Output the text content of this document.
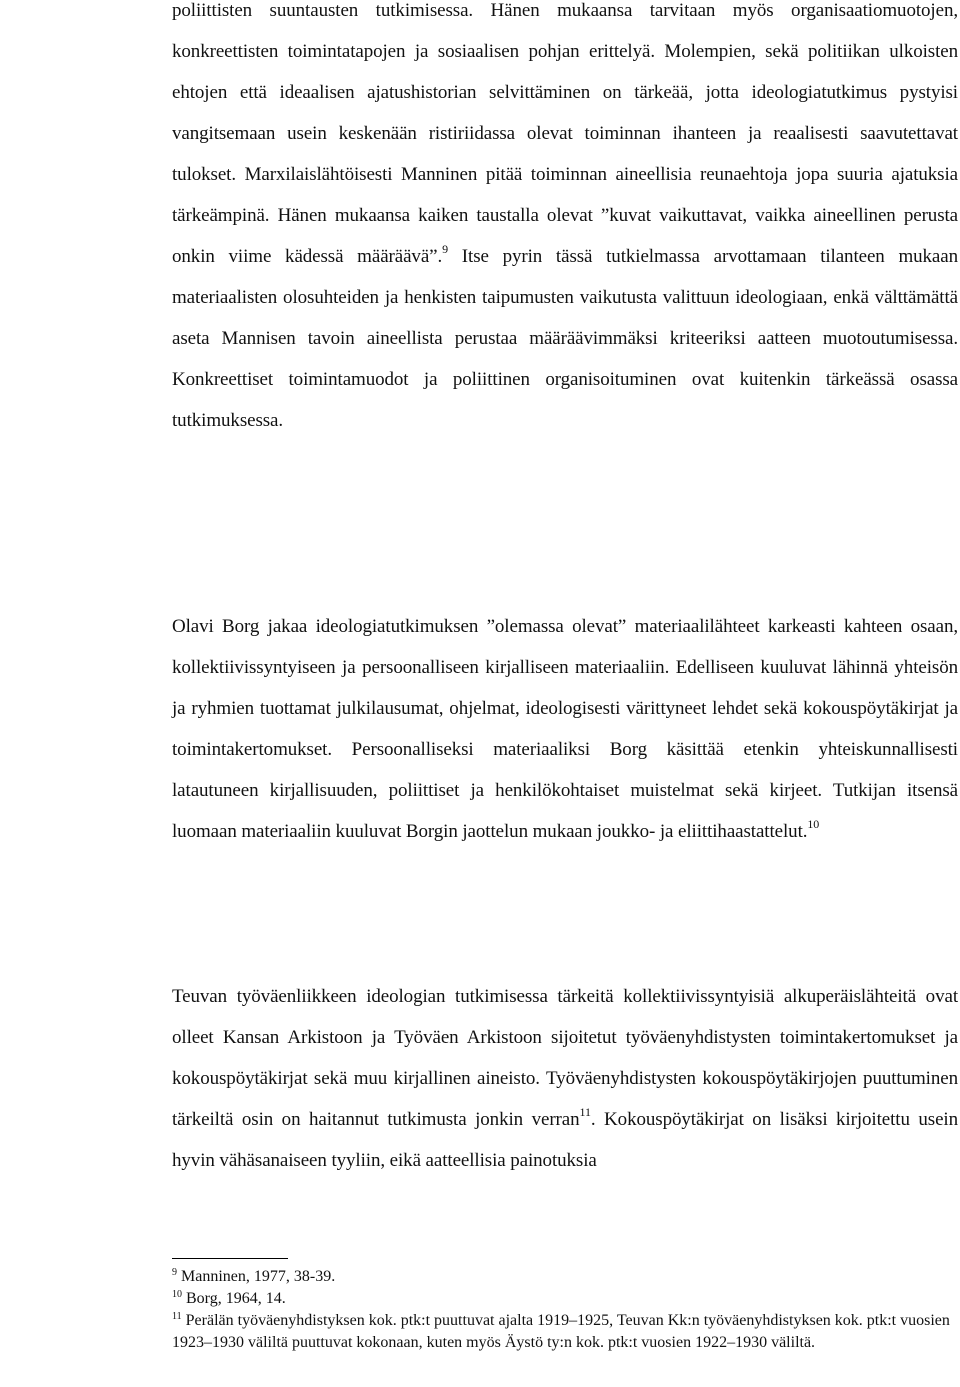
poliittisten suuntausten tutkimisessa. Hänen mukaansa tarvitaan myös organisaatiomuotojen, konkreettisten toimintatapojen ja sosiaalisen pohjan erittelyä. Molempien, sekä politiikan ulkoisten ehtojen että ideaalisen ajatushistorian selvittäminen on tärkeää, jotta ideologiatutkimus pystyisi vangitsemaan usein keskenään ristiriidassa olevat toiminnan ihanteen ja reaalisesti saavutettavat tulokset. Marxilaislähtöisesti Manninen pitää toiminnan aineellisia reunaehtoja jopa suuria ajatuksia tärkeämpinä. Hänen mukaansa kaiken taustalla olevat ”kuvat vaikuttavat, vaikka aineellinen perusta onkin viime kädessä määräävä”.$^9$ Itse pyrin tässä tutkielmassa arvottamaan tilanteen mukaan materiaalisten olosuhteiden ja henkisten taipumusten vaikutusta valittuun ideologiaan, enkä välttämättä aseta Mannisen tavoin aineellista perustaa määräävimmäksi kriteeriksi aatteen muotoutumisessa. Konkreettiset toimintamuodot ja poliittinen organisoituminen ovat kuitenkin tärkeässä osassa tutkimuksessa.

Olavi Borg jakaa ideologiatutkimuksen ”olemassa olevat” materiaalilähteet karkeasti kahteen osaan, kollektiivissyntyiseen ja persoonalliseen kirjalliseen materiaaliin. Edelliseen kuuluvat lähinnä yhteisön ja ryhmien tuottamat julkilausumat, ohjelmat, ideologisesti värittyneet lehdet sekä kokouspöytäkirjat ja toimintakertomukset. Persoonalliseksi materiaaliksi Borg käsittää etenkin yhteiskunnallisesti latautuneen kirjallisuuden, poliittiset ja henkilökohtaiset muistelmat sekä kirjeet. Tutkijan itsensä luomaan materiaaliin kuuluvat Borgin jaottelun mukaan joukko- ja eliittihaastattelut.$^{10}$

Teuvan työväenliikkeen ideologian tutkimisessa tärkeitä kollektiivissyntyisiä alkuperäislähteitä ovat olleet Kansan Arkistoon ja Työväen Arkistoon sijoitetut työväenyhdistysten toimintakertomukset ja kokouspöytäkirjat sekä muu kirjallinen aineisto. Työväenyhdistysten kokouspöytäkirjojen puuttuminen tärkeiltä osin on haitannut tutkimusta jonkin verran$^{11}$. Kokouspöytäkirjat on lisäksi kirjoitettu usein hyvin vähäsanaiseen tyyliin, eikä aatteellisia painotuksia

$^9$ Manninen, 1977, 38-39.

$^{10}$ Borg, 1964, 14.

$^{11}$ Perälän työväenyhdistyksen kok. ptk:t puuttuvat ajalta 1919–1925, Teuvan Kk:n työväenyhdistyksen kok. ptk:t vuosien 1923–1930 väliltä puuttuvat kokonaan, kuten myös Äystö ty:n kok. ptk:t vuosien 1922–1930 väliltä.
